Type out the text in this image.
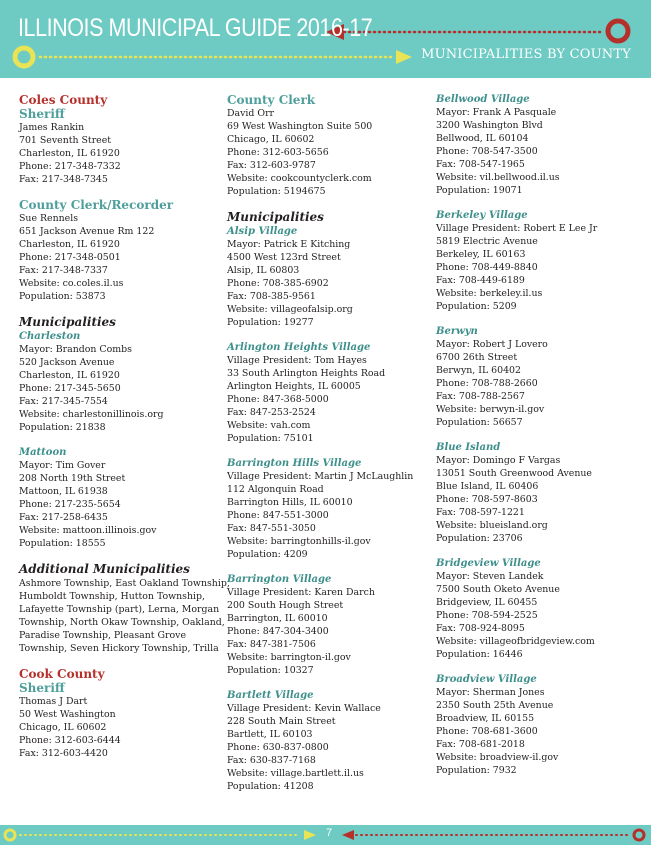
ILLINOIS MUNICIPAL GUIDE 2016-17
MUNICIPALITIES BY COUNTY
Coles County
Sheriff
James Rankin
701 Seventh Street
Charleston, IL 61920
Phone: 217-348-7332
Fax: 217-348-7345
County Clerk/Recorder
Sue Rennels
651 Jackson Avenue Rm 122
Charleston, IL 61920
Phone: 217-348-0501
Fax: 217-348-7337
Website: co.coles.il.us
Population: 53873
Municipalities
Charleston
Mayor: Brandon Combs
520 Jackson Avenue
Charleston, IL 61920
Phone: 217-345-5650
Fax: 217-345-7554
Website: charlestonillinois.org
Population: 21838
Mattoon
Mayor: Tim Gover
208 North 19th Street
Mattoon, IL 61938
Phone: 217-235-5654
Fax: 217-258-6435
Website: mattoon.illinois.gov
Population: 18555
Additional Municipalities
Ashmore Township, East Oakland Township,
Humboldt Township, Hutton Township,
Lafayette Township (part), Lerna, Morgan
Township, North Okaw Township, Oakland,
Paradise Township, Pleasant Grove
Township, Seven Hickory Township, Trilla
Cook County
Sheriff
Thomas J Dart
50 West Washington
Chicago, IL 60602
Phone: 312-603-6444
Fax: 312-603-4420
County Clerk
David Orr
69 West Washington Suite 500
Chicago, IL 60602
Phone: 312-603-5656
Fax: 312-603-9787
Website: cookcountyclerk.com
Population: 5194675
Municipalities
Alsip Village
Mayor: Patrick E Kitching
4500 West 123rd Street
Alsip, IL 60803
Phone: 708-385-6902
Fax: 708-385-9561
Website: villageofalsip.org
Population: 19277
Arlington Heights Village
Village President: Tom Hayes
33 South Arlington Heights Road
Arlington Heights, IL 60005
Phone: 847-368-5000
Fax: 847-253-2524
Website: vah.com
Population: 75101
Barrington Hills Village
Village President: Martin J McLaughlin
112 Algonquin Road
Barrington Hills, IL 60010
Phone: 847-551-3000
Fax: 847-551-3050
Website: barringtonhills-il.gov
Population: 4209
Barrington Village
Village President: Karen Darch
200 South Hough Street
Barrington, IL 60010
Phone: 847-304-3400
Fax: 847-381-7506
Website: barrington-il.gov
Population: 10327
Bartlett Village
Village President: Kevin Wallace
228 South Main Street
Bartlett, IL 60103
Phone: 630-837-0800
Fax: 630-837-7168
Website: village.bartlett.il.us
Population: 41208
Bellwood Village
Mayor: Frank A Pasquale
3200 Washington Blvd
Bellwood, IL 60104
Phone: 708-547-3500
Fax: 708-547-1965
Website: vil.bellwood.il.us
Population: 19071
Berkeley Village
Village President: Robert E Lee Jr
5819 Electric Avenue
Berkeley, IL 60163
Phone: 708-449-8840
Fax: 708-449-6189
Website: berkeley.il.us
Population: 5209
Berwyn
Mayor: Robert J Lovero
6700 26th Street
Berwyn, IL 60402
Phone: 708-788-2660
Fax: 708-788-2567
Website: berwyn-il.gov
Population: 56657
Blue Island
Mayor: Domingo F Vargas
13051 South Greenwood Avenue
Blue Island, IL 60406
Phone: 708-597-8603
Fax: 708-597-1221
Website: blueisland.org
Population: 23706
Bridgeview Village
Mayor: Steven Landek
7500 South Oketo Avenue
Bridgeview, IL 60455
Phone: 708-594-2525
Fax: 708-924-8095
Website: villageofbridgeview.com
Population: 16446
Broadview Village
Mayor: Sherman Jones
2350 South 25th Avenue
Broadview, IL 60155
Phone: 708-681-3600
Fax: 708-681-2018
Website: broadview-il.gov
Population: 7932
7
